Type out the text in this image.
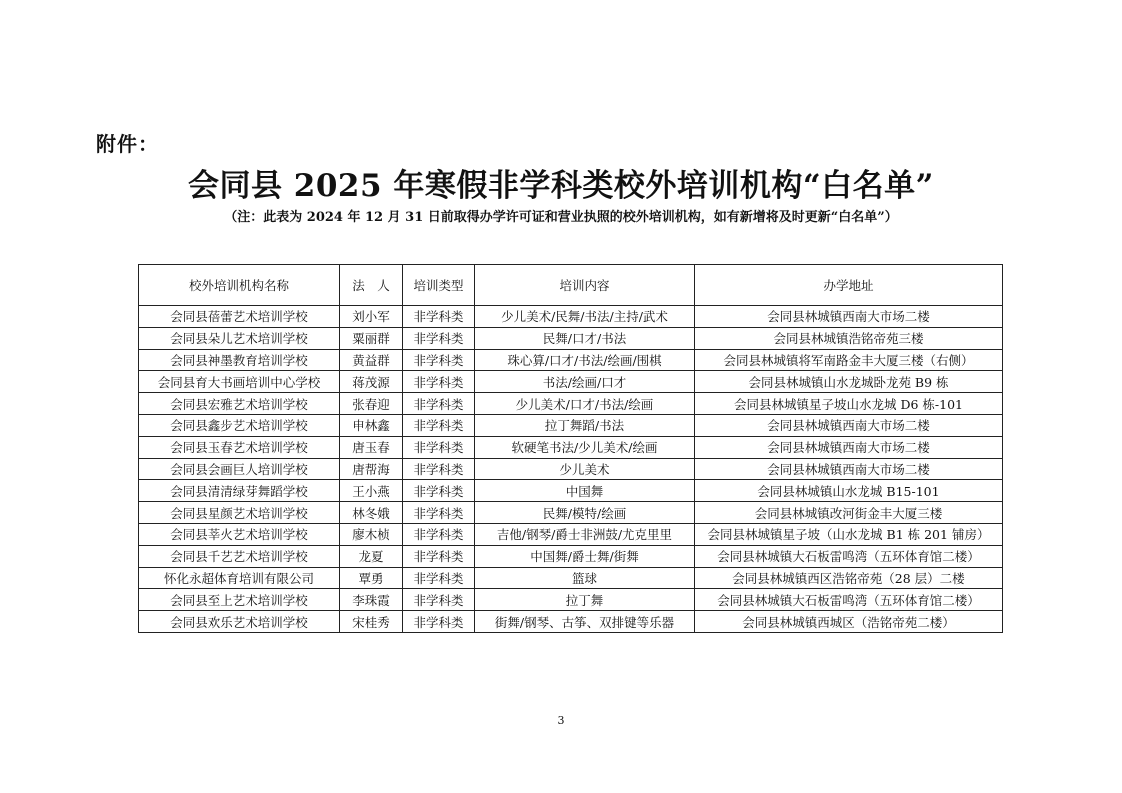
附件：
会同县 2025 年寒假非学科类校外培训机构“白名单”
（注：此表为 2024 年 12 月 31 日前取得办学许可证和营业执照的校外培训机构，如有新增将及时更新“白名单”）
校外培训机构名称	法　人	培训类型	培训内容	办学地址
会同县蓓蕾艺术培训学校	刘小军	非学科类	少儿美术/民舞/书法/主持/武术	会同县林城镇西南大市场二楼
会同县朵儿艺术培训学校	粟丽群	非学科类	民舞/口才/书法	会同县林城镇浩铭帝苑三楼
会同县神墨教育培训学校	黄益群	非学科类	珠心算/口才/书法/绘画/围棋	会同县林城镇将军南路金丰大厦三楼（右侧）
会同县育大书画培训中心学校	蒋茂源	非学科类	书法/绘画/口才	会同县林城镇山水龙城卧龙苑 B9 栋
会同县宏雅艺术培训学校	张春迎	非学科类	少儿美术/口才/书法/绘画	会同县林城镇星子坡山水龙城 D6 栋-101
会同县鑫步艺术培训学校	申林鑫	非学科类	拉丁舞蹈/书法	会同县林城镇西南大市场二楼
会同县玉春艺术培训学校	唐玉春	非学科类	软硬笔书法/少儿美术/绘画	会同县林城镇西南大市场二楼
会同县会画巨人培训学校	唐帮海	非学科类	少儿美术	会同县林城镇西南大市场二楼
会同县清清绿芽舞蹈学校	王小燕	非学科类	中国舞	会同县林城镇山水龙城 B15-101
会同县星颜艺术培训学校	林冬娥	非学科类	民舞/模特/绘画	会同县林城镇改河街金丰大厦三楼
会同县莘火艺术培训学校	廖木桢	非学科类	吉他/钢琴/爵士非洲鼓/尤克里里	会同县林城镇星子坡（山水龙城 B1 栋 201 铺房）
会同县千艺艺术培训学校	龙夏	非学科类	中国舞/爵士舞/街舞	会同县林城镇大石板雷鸣湾（五环体育馆二楼）
怀化永超体育培训有限公司	覃勇	非学科类	篮球	会同县林城镇西区浩铭帝苑（28 层）二楼
会同县至上艺术培训学校	李珠霞	非学科类	拉丁舞	会同县林城镇大石板雷鸣湾（五环体育馆二楼）
会同县欢乐艺术培训学校	宋桂秀	非学科类	街舞/钢琴、古筝、双排键等乐器	会同县林城镇西城区（浩铭帝苑二楼）
3
